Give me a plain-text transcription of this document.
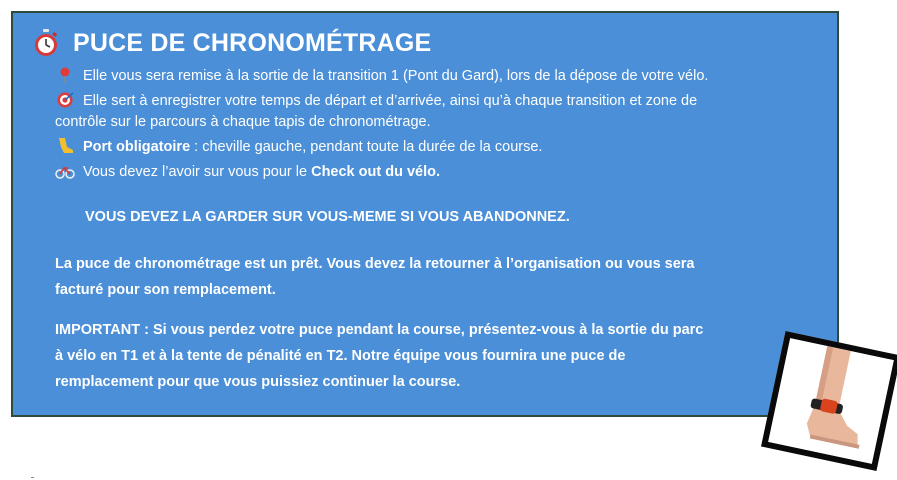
PUCE DE CHRONOMÉTRAGE
Elle vous sera remise à la sortie de la transition 1 (Pont du Gard), lors de la dépose de votre vélo.
Elle sert à enregistrer votre temps de départ et d’arrivée, ainsi qu’à chaque transition et zone de
contrôle sur le parcours à chaque tapis de chronométrage.
Port obligatoire : cheville gauche, pendant toute la durée de la course.
Vous devez l’avoir sur vous pour le Check out du vélo.
VOUS DEVEZ LA GARDER SUR VOUS-MEME SI VOUS ABANDONNEZ.
La puce de chronométrage est un prêt. Vous devez la retourner à l’organisation ou vous sera
facturé pour son remplacement.
IMPORTANT : Si vous perdez votre puce pendant la course, présentez-vous à la sortie du parc
à vélo en T1 et à la tente de pénalité en T2. Notre équipe vous fournira une puce de
remplacement pour que vous puissiez continuer la course.
